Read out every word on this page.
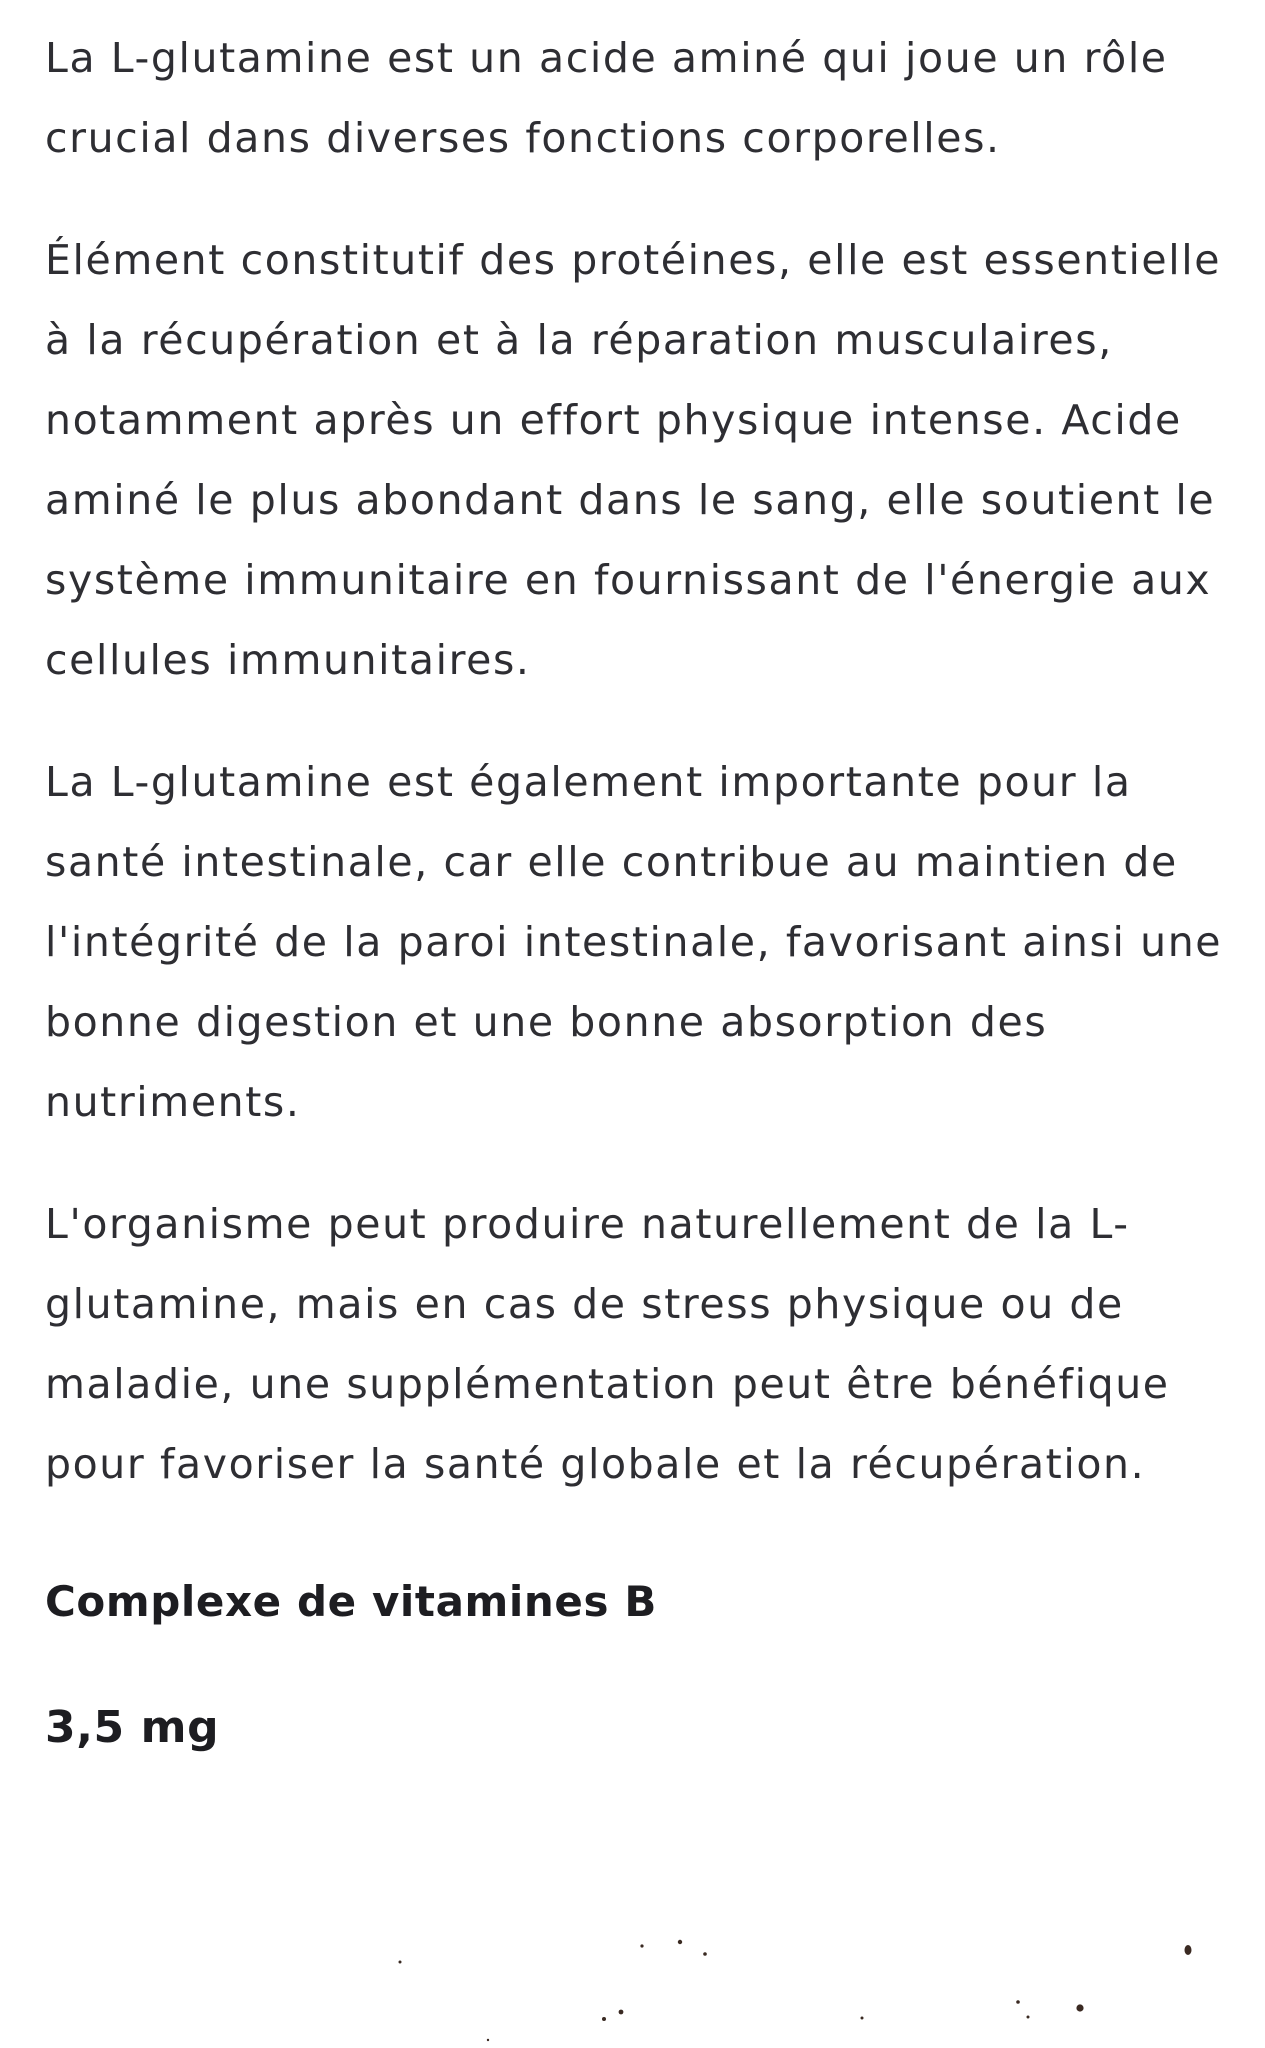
La L-glutamine est un acide aminé qui joue un rôle crucial dans diverses fonctions corporelles.

Élément constitutif des protéines, elle est essentielle à la récupération et à la réparation musculaires, notamment après un effort physique intense. Acide aminé le plus abondant dans le sang, elle soutient le système immunitaire en fournissant de l'énergie aux cellules immunitaires.

La L-glutamine est également importante pour la santé intestinale, car elle contribue au maintien de l'intégrité de la paroi intestinale, favorisant ainsi une bonne digestion et une bonne absorption des nutriments.

L'organisme peut produire naturellement de la L-glutamine, mais en cas de stress physique ou de maladie, une supplémentation peut être bénéfique pour favoriser la santé globale et la récupération.

Complexe de vitamines B
3,5 mg
